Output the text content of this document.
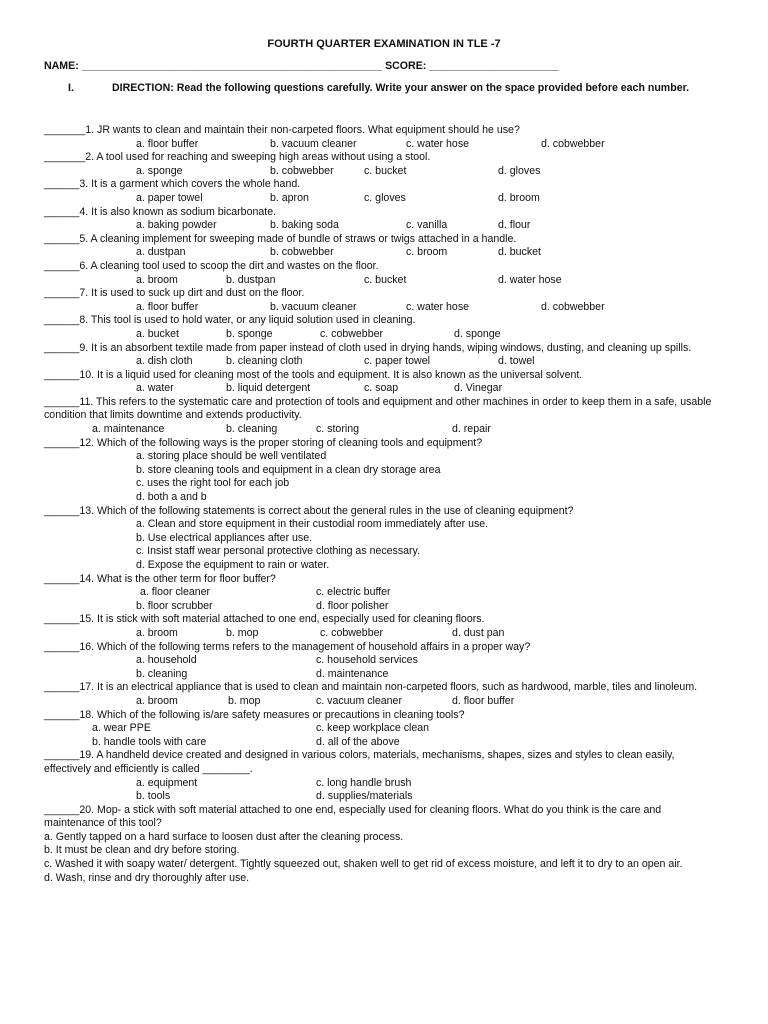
FOURTH QUARTER EXAMINATION IN TLE -7
NAME: ___________________________________________________ SCORE: ______________________
I.	DIRECTION: Read the following questions carefully. Write your answer on the space provided before each number.
_______1. JR wants to clean and maintain their non-carpeted floors. What equipment should he use?
a. floor buffer	b. vacuum cleaner	c. water hose	d. cobwebber
_______2. A tool used for reaching and sweeping high areas without using a stool.
a. sponge	b. cobwebber	c. bucket	d. gloves
______3. It is a garment which covers the whole hand.
a. paper towel	b. apron	c. gloves	d. broom
______4. It is also known as sodium bicarbonate.
a. baking powder	b. baking soda	c. vanilla	d. flour
______5. A cleaning implement for sweeping made of bundle of straws or twigs attached in a handle.
a. dustpan	b. cobwebber	c. broom	d. bucket
______6. A cleaning tool used to scoop the dirt and wastes on the floor.
a. broom	b. dustpan	c. bucket	d. water hose
______7. It is used to suck up dirt and dust on the floor.
a. floor buffer	b. vacuum cleaner	c. water hose	d. cobwebber
______8. This tool is used to hold water, or any liquid solution used in cleaning.
a. bucket	b. sponge	c. cobwebber	d. sponge
______9. It is an absorbent textile made from paper instead of cloth used in drying hands, wiping windows, dusting, and cleaning up spills.
a. dish cloth	b. cleaning cloth	c. paper towel	d. towel
______10. It is a liquid used for cleaning most of the tools and equipment. It is also known as the universal solvent.
a. water	b. liquid detergent	c. soap	d. Vinegar
______11. This refers to the systematic care and protection of tools and equipment and other machines in order to keep them in a safe, usable condition that limits downtime and extends productivity.
a. maintenance	b. cleaning	c. storing	d. repair
______12. Which of the following ways is the proper storing of cleaning tools and equipment?
a. storing place should be well ventilated
b. store cleaning tools and equipment in a clean dry storage area
c. uses the right tool for each job
d. both a and b
______13. Which of the following statements is correct about the general rules in the use of cleaning equipment?
a. Clean and store equipment in their custodial room immediately after use.
b. Use electrical appliances after use.
c. Insist staff wear personal protective clothing as necessary.
d. Expose the equipment to rain or water.
______14. What is the other term for floor buffer?
a. floor cleaner	c. electric buffer
b. floor scrubber	d. floor polisher
______15. It is stick with soft material attached to one end, especially used for cleaning floors.
a. broom	b. mop	c. cobwebber	d. dust pan
______16. Which of the following terms refers to the management of household affairs in a proper way?
a. household	c. household services
b. cleaning	d. maintenance
______17. It is an electrical appliance that is used to clean and maintain non-carpeted floors, such as hardwood, marble, tiles and linoleum.
a. broom	b. mop	c. vacuum cleaner	d. floor buffer
______18. Which of the following is/are safety measures or precautions in cleaning tools?
a. wear PPE	c. keep workplace clean
b. handle tools with care	d. all of the above
______19. A handheld device created and designed in various colors, materials, mechanisms, shapes, sizes and styles to clean easily, effectively and efficiently is called ________.
a. equipment	c. long handle brush
b. tools	d. supplies/materials
______20. Mop- a stick with soft material attached to one end, especially used for cleaning floors. What do you think is the care and maintenance of this tool?
a. Gently tapped on a hard surface to loosen dust after the cleaning process.
b. It must be clean and dry before storing.
c. Washed it with soapy water/ detergent. Tightly squeezed out, shaken well to get rid of excess moisture, and left it to dry to an open air.
d. Wash, rinse and dry thoroughly after use.
